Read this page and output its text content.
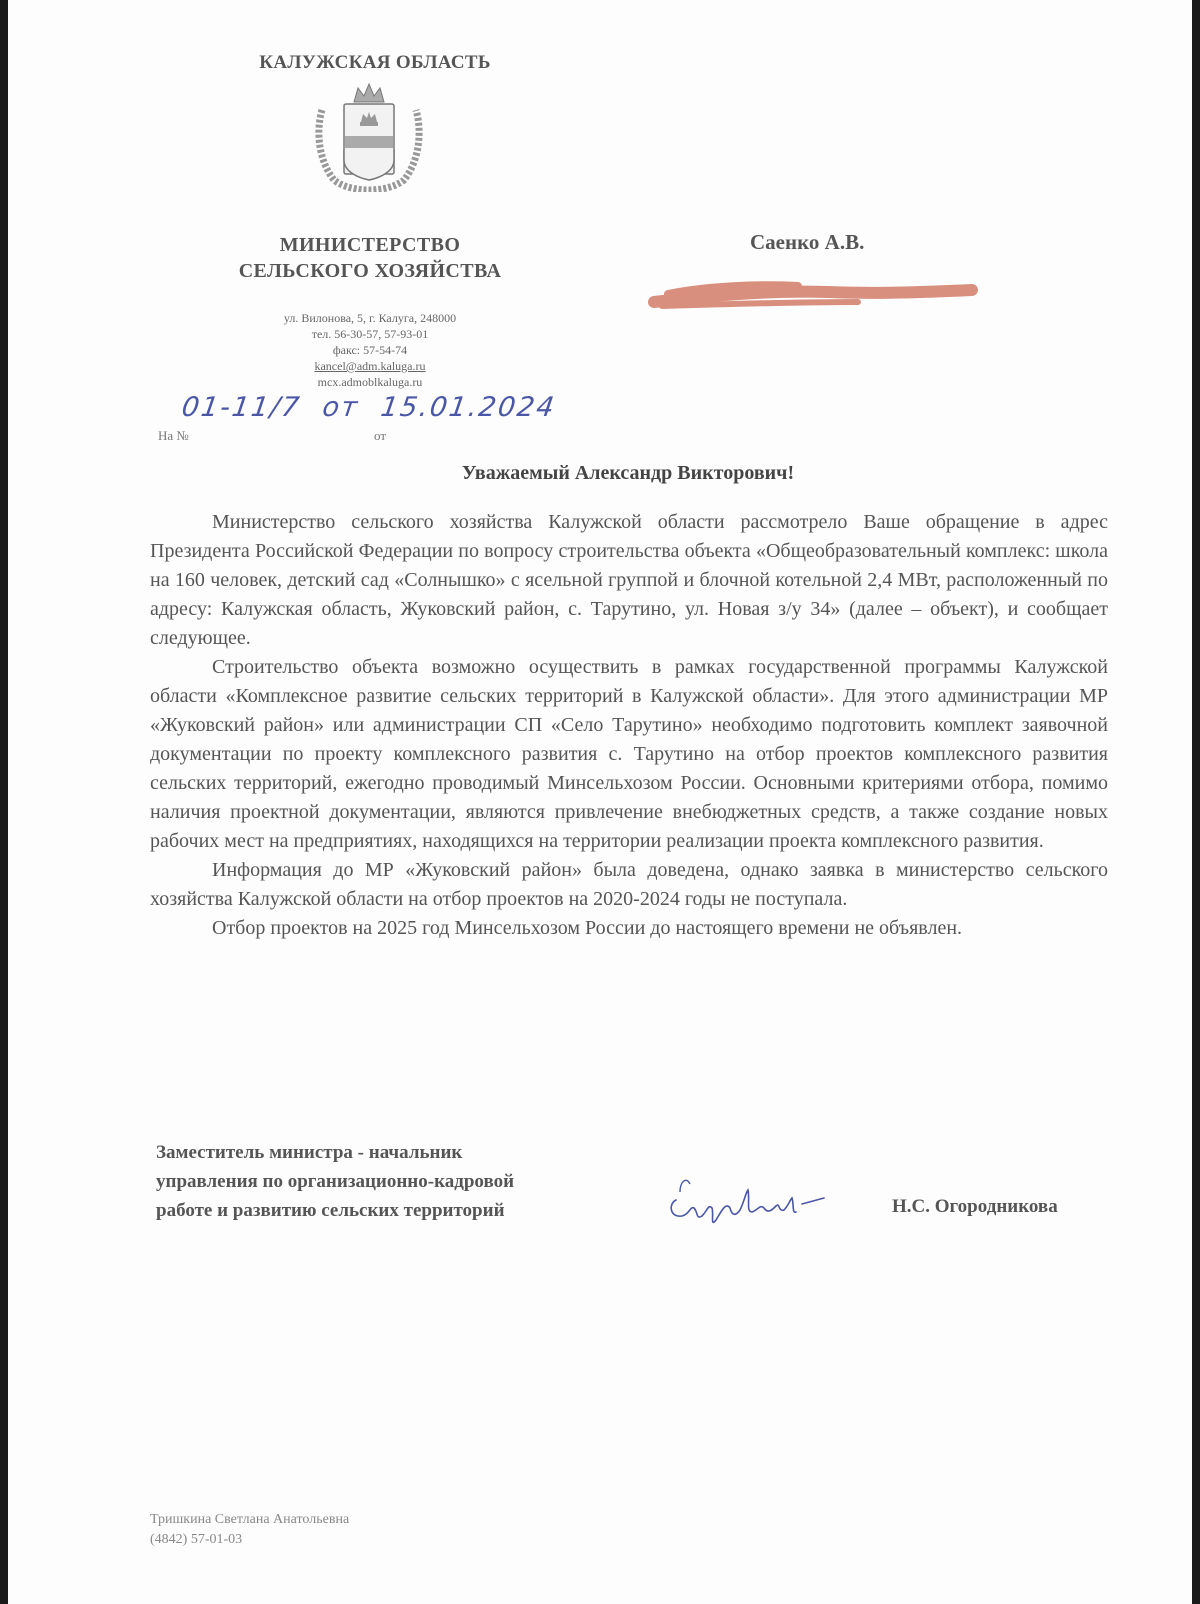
КАЛУЖСКАЯ ОБЛАСТЬ
МИНИСТЕРСТВО
СЕЛЬСКОГО ХОЗЯЙСТВА
ул. Вилонова, 5, г. Калуга, 248000
тел. 56-30-57, 57-93-01
факс: 57-54-74
kancel@adm.kaluga.ru
mcx.admoblkaluga.ru
01-11/7 от 15.01.2024
На №	от
Саенко А.В.
Уважаемый Александр Викторович!

Министерство сельского хозяйства Калужской области рассмотрело Ваше обращение в адрес Президента Российской Федерации по вопросу строительства объекта «Общеобразовательный комплекс: школа на 160 человек, детский сад «Солнышко» с ясельной группой и блочной котельной 2,4 МВт, расположенный по адресу: Калужская область, Жуковский район, с. Тарутино, ул. Новая з/у 34» (далее – объект), и сообщает следующее.

Строительство объекта возможно осуществить в рамках государственной программы Калужской области «Комплексное развитие сельских территорий в Калужской области». Для этого администрации МР «Жуковский район» или администрации СП «Село Тарутино» необходимо подготовить комплект заявочной документации по проекту комплексного развития с. Тарутино на отбор проектов комплексного развития сельских территорий, ежегодно проводимый Минсельхозом России. Основными критериями отбора, помимо наличия проектной документации, являются привлечение внебюджетных средств, а также создание новых рабочих мест на предприятиях, находящихся на территории реализации проекта комплексного развития.

Информация до МР «Жуковский район» была доведена, однако заявка в министерство сельского хозяйства Калужской области на отбор проектов на 2020-2024 годы не поступала.

Отбор проектов на 2025 год Минсельхозом России до настоящего времени не объявлен.

Заместитель министра - начальник
управления по организационно-кадровой
работе и развитию сельских территорий	Н.С. Огородникова
Тришкина Светлана Анатольевна
(4842) 57-01-03
